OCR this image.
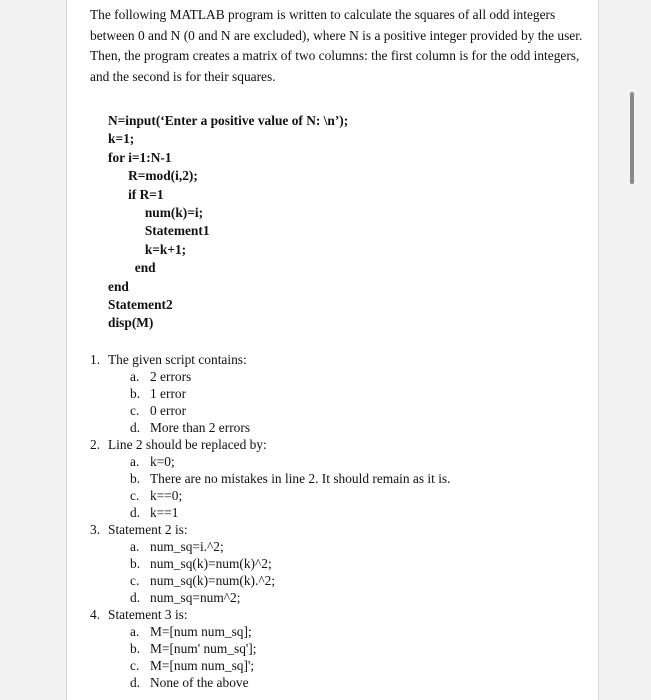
The following MATLAB program is written to calculate the squares of all odd integers between 0 and N (0 and N are excluded), where N is a positive integer provided by the user. Then, the program creates a matrix of two columns: the first column is for the odd integers, and the second is for their squares.

N=input(‘Enter a positive value of N: \n’);
k=1;
for i=1:N-1
R=mod(i,2);
if R=1
num(k)=i;
Statement1
k=k+1;
end
end
Statement2
disp(M)
1. The given script contains:
a. 2 errors
b. 1 error
c. 0 error
d. More than 2 errors
2. Line 2 should be replaced by:
a. k=0;
b. There are no mistakes in line 2. It should remain as it is.
c. k==0;
d. k==1
3. Statement 2 is:
a. num_sq=i.^2;
b. num_sq(k)=num(k)^2;
c. num_sq(k)=num(k).^2;
d. num_sq=num^2;
4. Statement 3 is:
a. M=[num num_sq];
b. M=[num' num_sq'];
c. M=[num num_sq]';
d. None of the above
